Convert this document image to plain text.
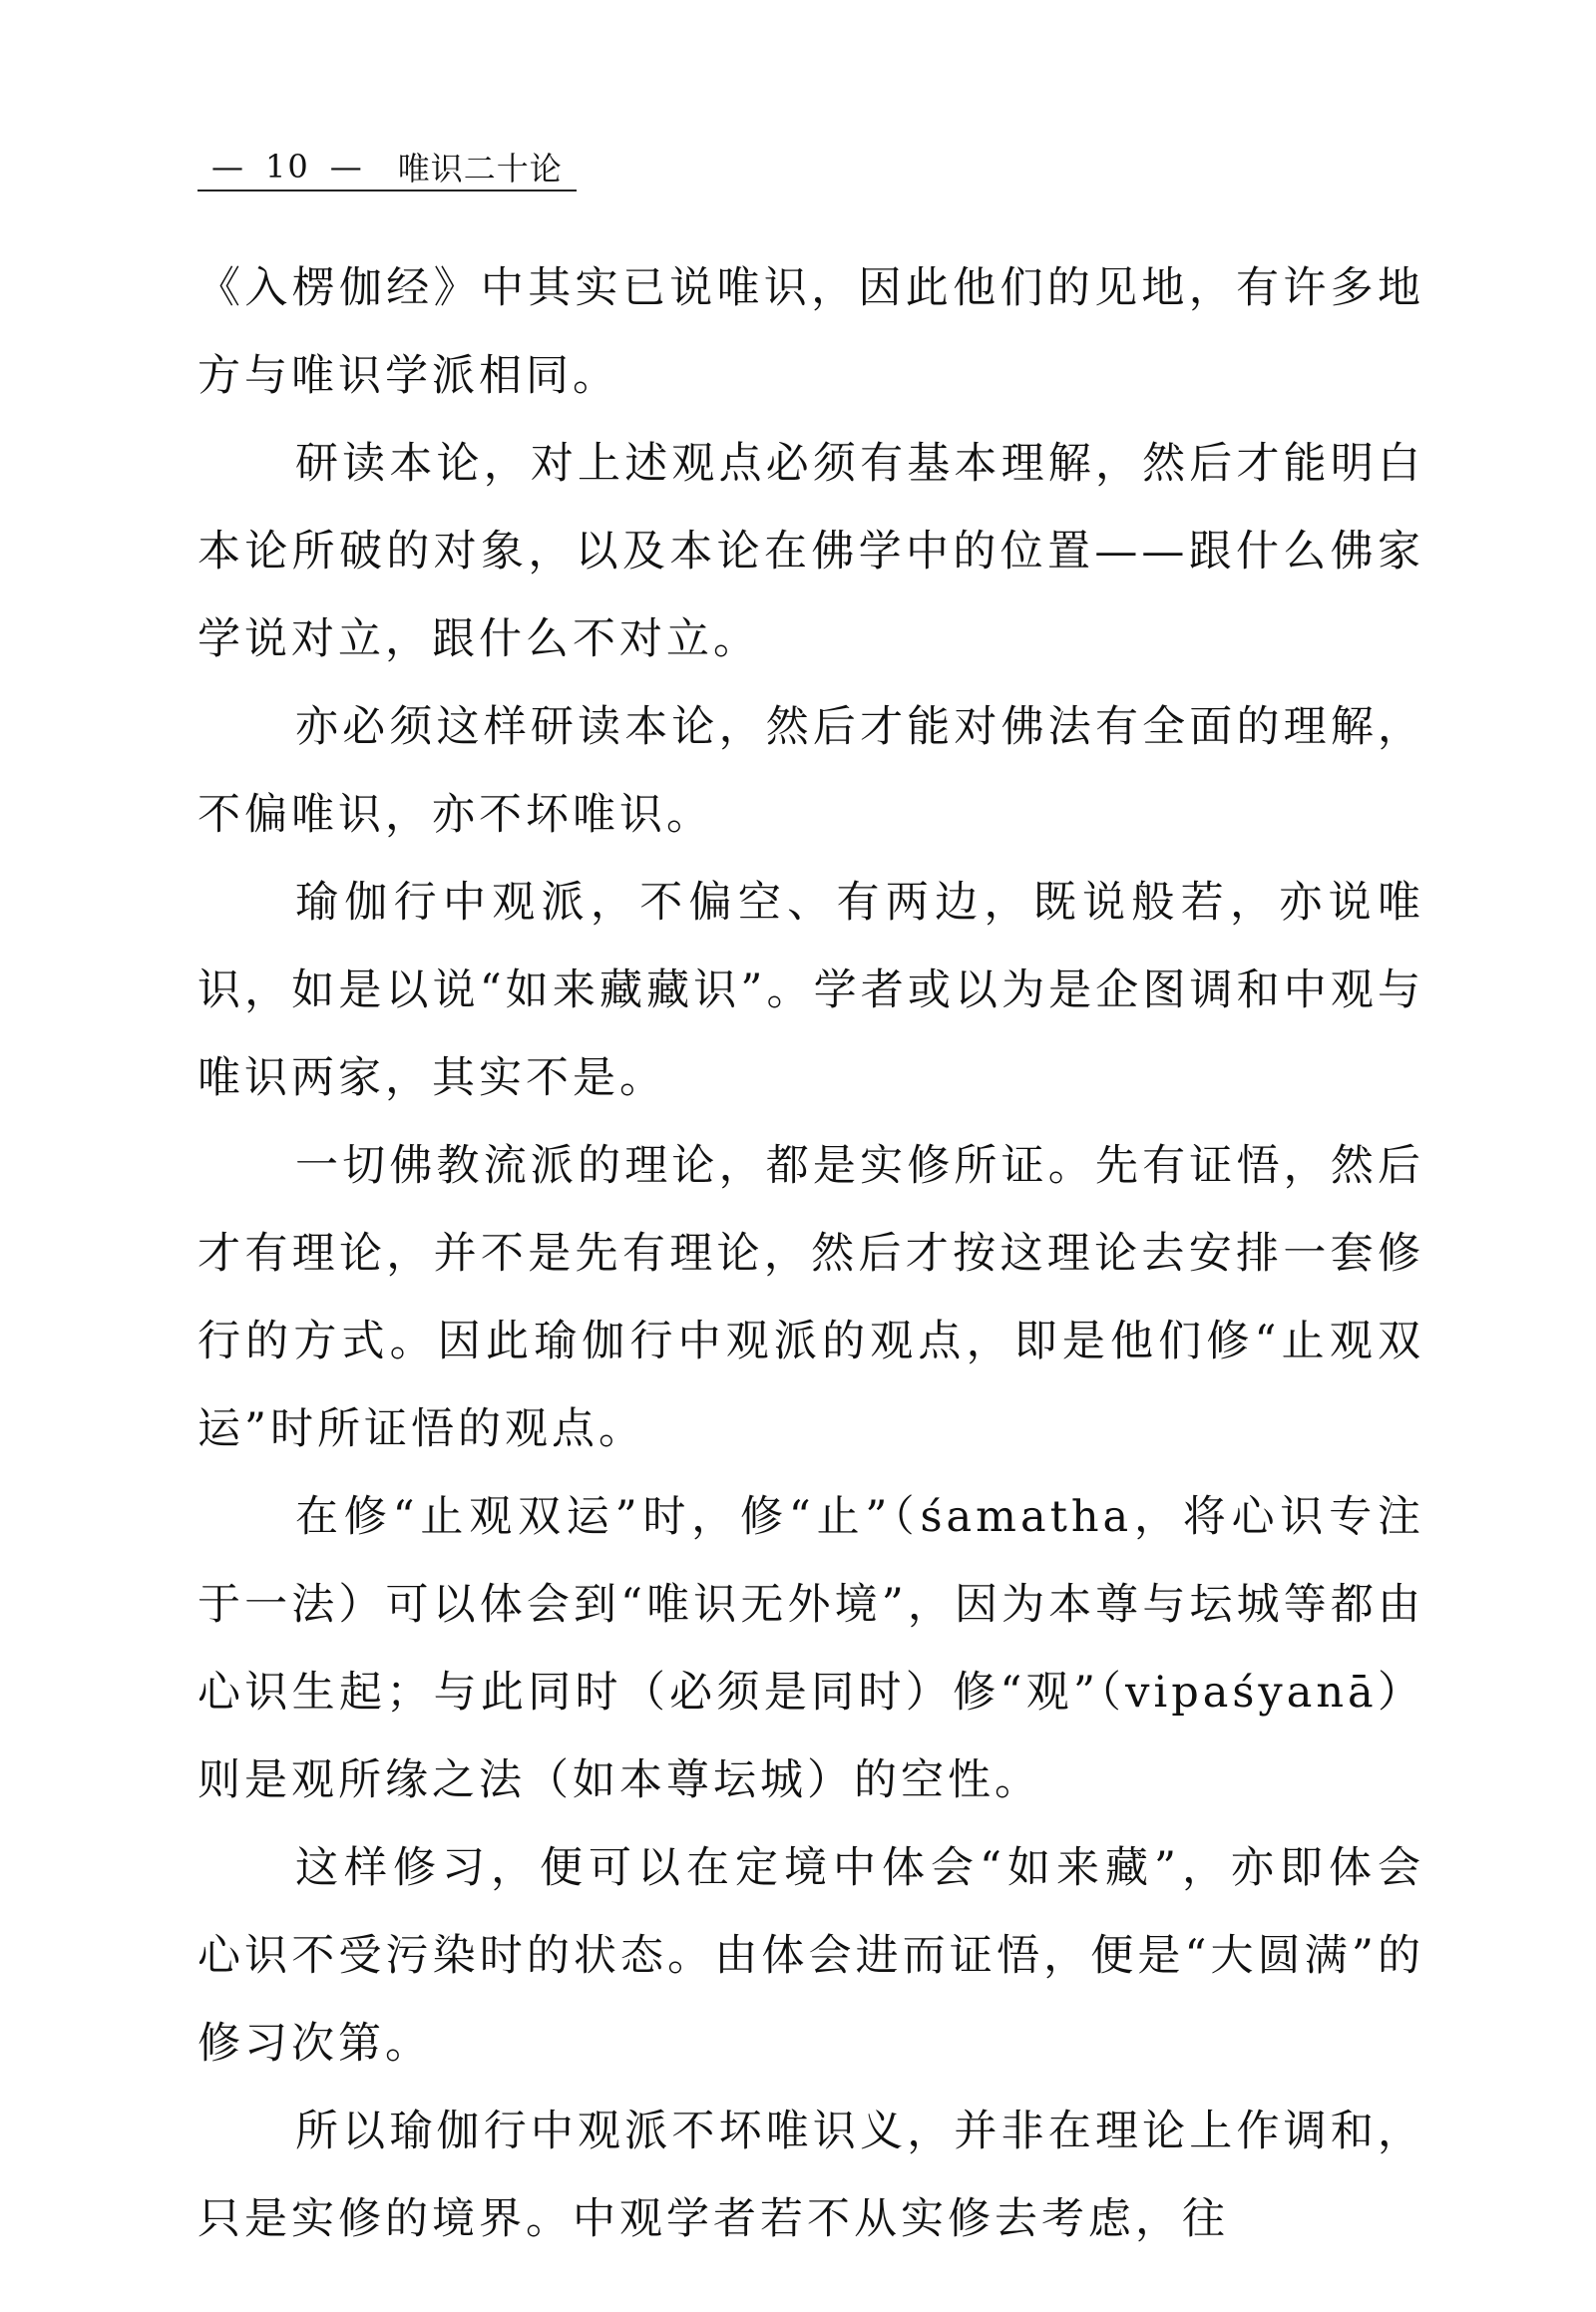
— 10 — 唯识二十论

《入楞伽经》中其实已说唯识，因此他们的见地，有许多地方与唯识学派相同。

研读本论，对上述观点必须有基本理解，然后才能明白本论所破的对象，以及本论在佛学中的位置——跟什么佛家学说对立，跟什么不对立。

亦必须这样研读本论，然后才能对佛法有全面的理解，不偏唯识，亦不坏唯识。

瑜伽行中观派，不偏空、有两边，既说般若，亦说唯识，如是以说“如来藏藏识”。学者或以为是企图调和中观与唯识两家，其实不是。

一切佛教流派的理论，都是实修所证。先有证悟，然后才有理论，并不是先有理论，然后才按这理论去安排一套修行的方式。因此瑜伽行中观派的观点，即是他们修“止观双运”时所证悟的观点。

在修“止观双运”时，修“止”（śamatha，将心识专注于一法）可以体会到“唯识无外境”，因为本尊与坛城等都由心识生起；与此同时（必须是同时）修“观”（vipaśyanā）则是观所缘之法（如本尊坛城）的空性。

这样修习，便可以在定境中体会“如来藏”，亦即体会心识不受污染时的状态。由体会进而证悟，便是“大圆满”的修习次第。

所以瑜伽行中观派不坏唯识义，并非在理论上作调和，只是实修的境界。中观学者若不从实修去考虑，往
